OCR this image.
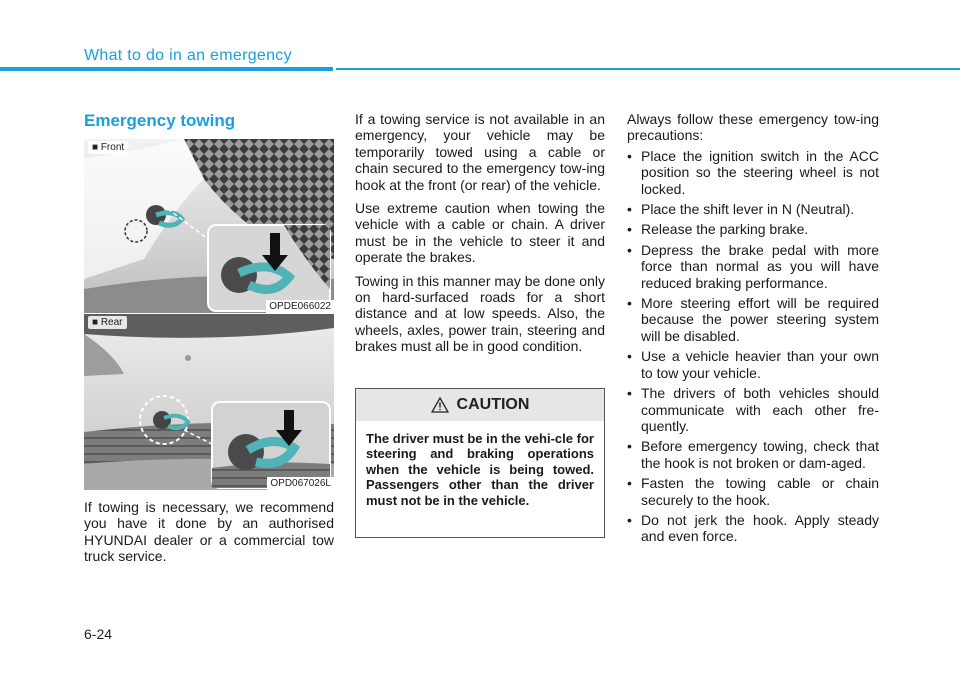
What to do in an emergency
Emergency towing
■ Front
OPDE066022
■ Rear
OPD067026L

If towing is necessary, we recommend you have it done by an authorised HYUNDAI dealer or a commercial tow truck service.

If a towing service is not available in an emergency, your vehicle may be temporarily towed using a cable or chain secured to the emergency tow-ing hook at the front (or rear) of the vehicle.

Use extreme caution when towing the vehicle with a cable or chain. A driver must be in the vehicle to steer it and operate the brakes.

Towing in this manner may be done only on hard-surfaced roads for a short distance and at low speeds. Also, the wheels, axles, power train, steering and brakes must all be in good condition.

CAUTION

The driver must be in the vehi-cle for steering and braking operations when the vehicle is being towed. Passengers other than the driver must not be in the vehicle.

Always follow these emergency tow-ing precautions:

• Place the ignition switch in the ACC position so the steering wheel is not locked.
• Place the shift lever in N (Neutral).
• Release the parking brake.
• Depress the brake pedal with more force than normal as you will have reduced braking performance.
• More steering effort will be required because the power steering system will be disabled.
• Use a vehicle heavier than your own to tow your vehicle.
• The drivers of both vehicles should communicate with each other fre-quently.
• Before emergency towing, check that the hook is not broken or dam-aged.
• Fasten the towing cable or chain securely to the hook.
• Do not jerk the hook. Apply steady and even force.
6-24
